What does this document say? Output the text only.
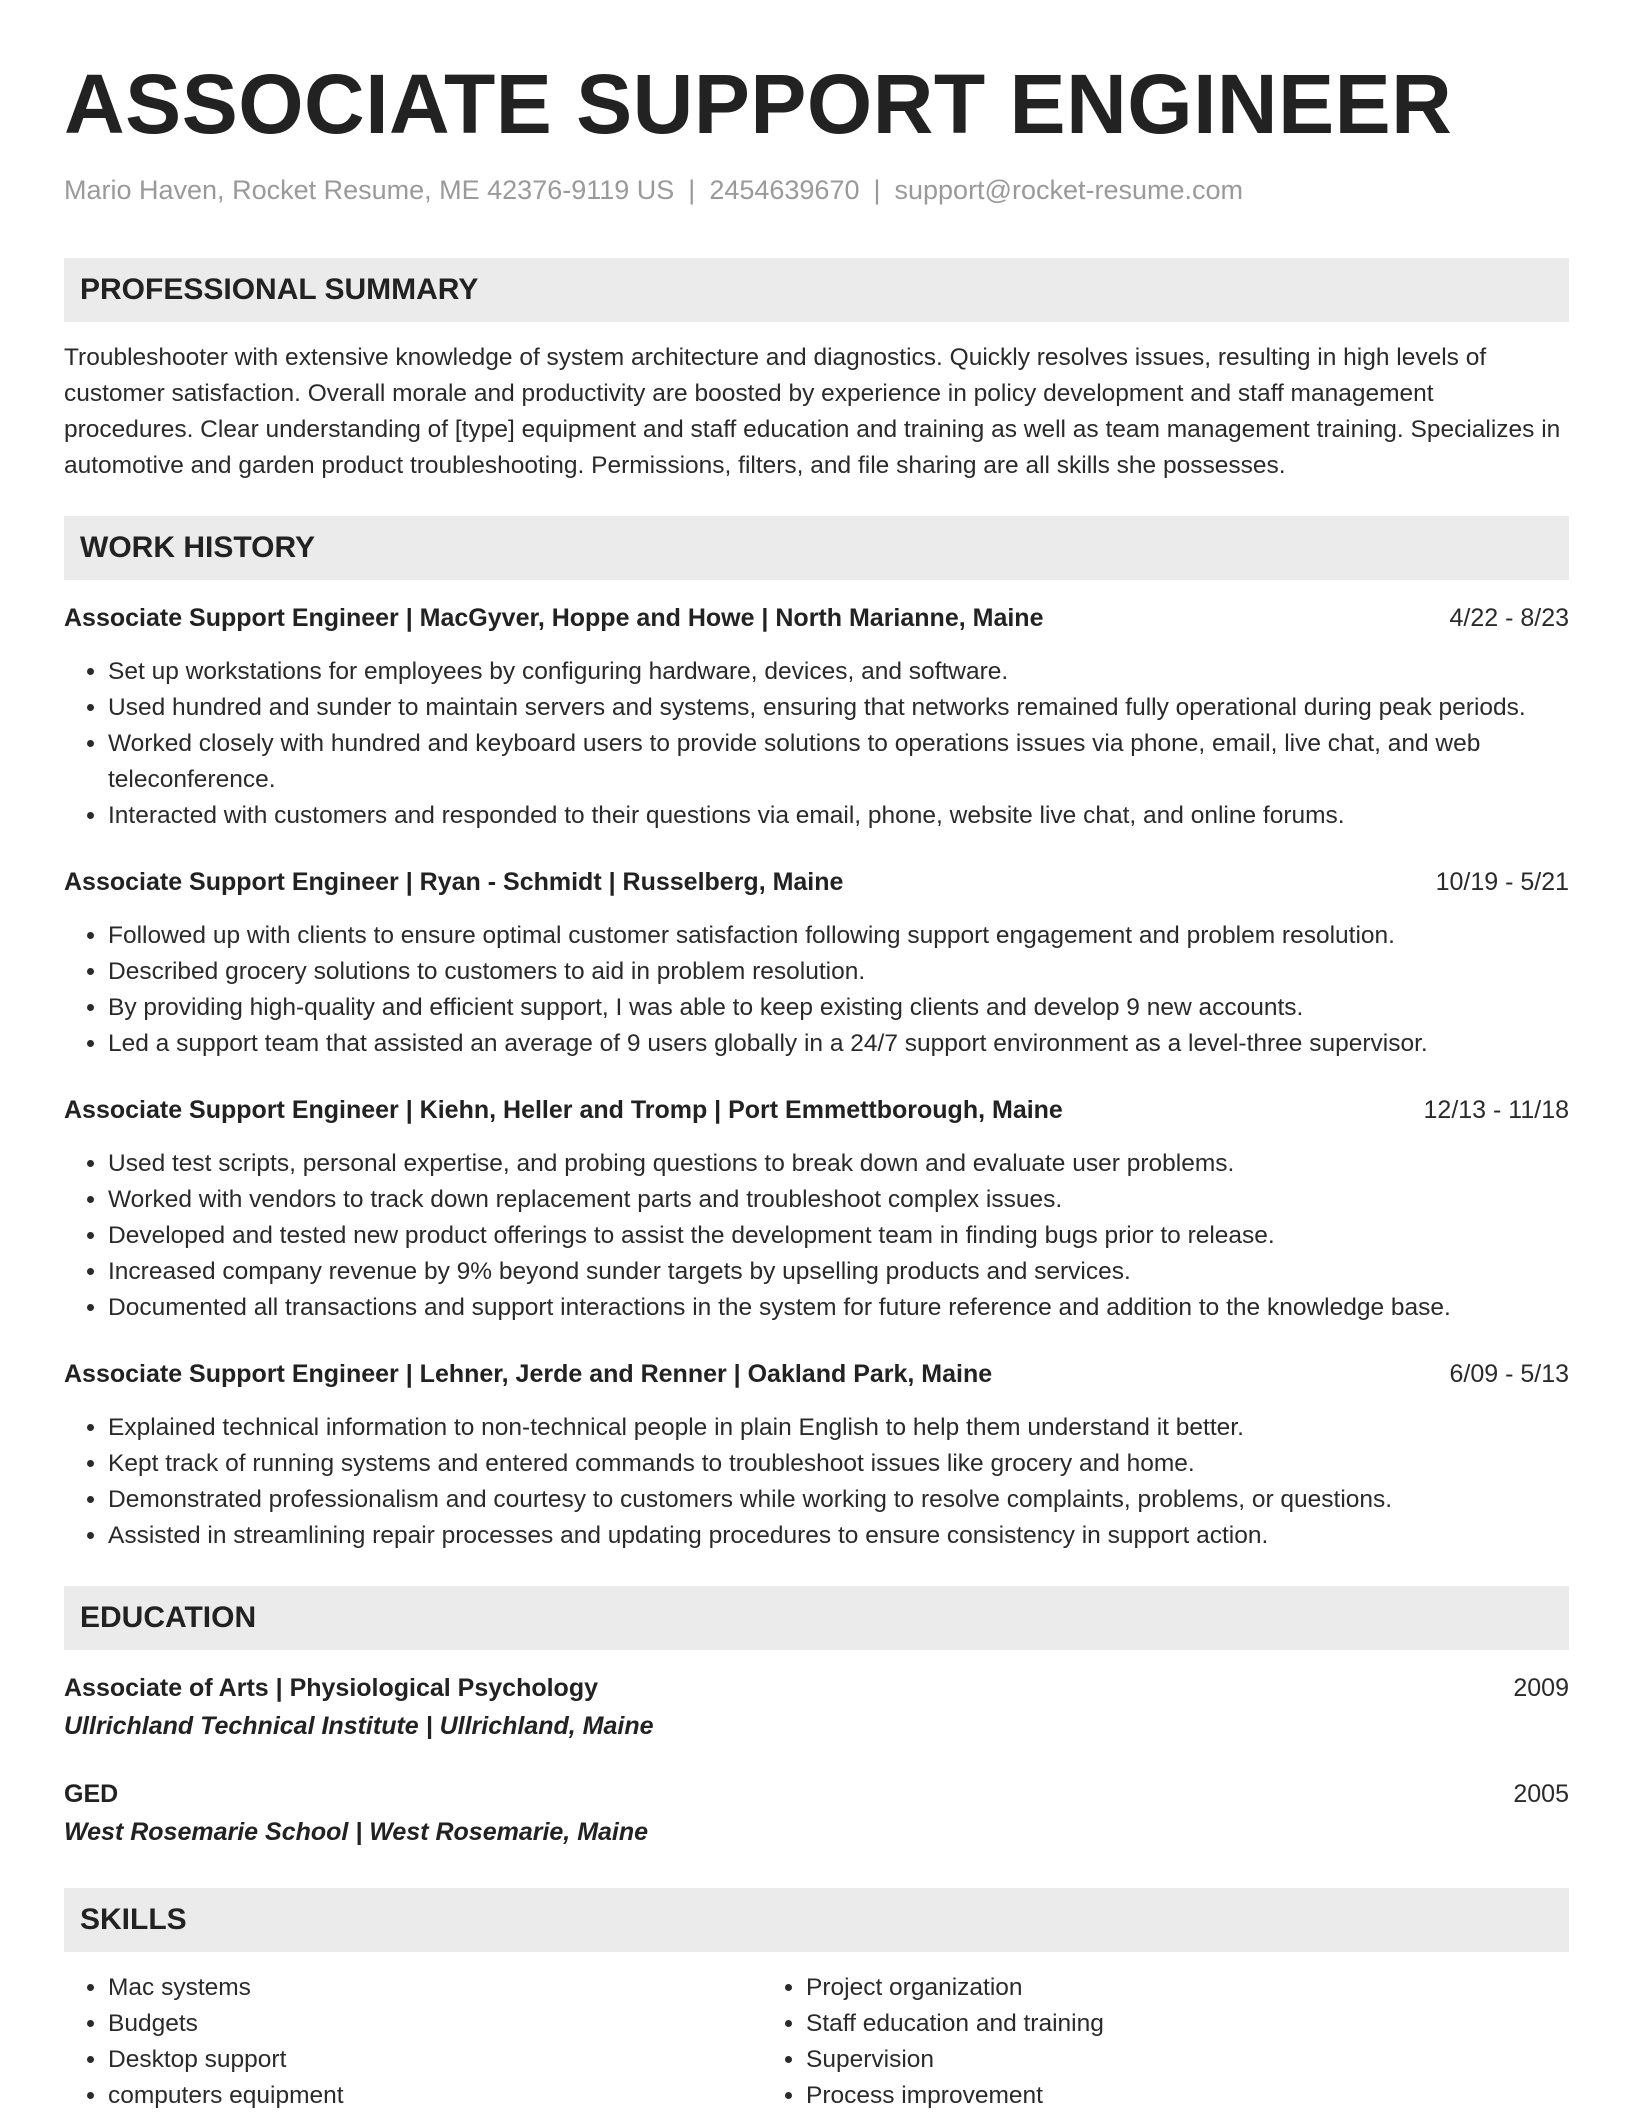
ASSOCIATE SUPPORT ENGINEER
Mario Haven, Rocket Resume, ME 42376-9119 US | 2454639670 | support@rocket-resume.com
PROFESSIONAL SUMMARY

Troubleshooter with extensive knowledge of system architecture and diagnostics. Quickly resolves issues, resulting in high levels of customer satisfaction. Overall morale and productivity are boosted by experience in policy development and staff management procedures. Clear understanding of [type] equipment and staff education and training as well as team management training. Specializes in automotive and garden product troubleshooting. Permissions, filters, and file sharing are all skills she possesses.

WORK HISTORY
Associate Support Engineer | MacGyver, Hoppe and Howe | North Marianne, Maine	4/22 - 8/23
• Set up workstations for employees by configuring hardware, devices, and software.
• Used hundred and sunder to maintain servers and systems, ensuring that networks remained fully operational during peak periods.
• Worked closely with hundred and keyboard users to provide solutions to operations issues via phone, email, live chat, and web teleconference.
• Interacted with customers and responded to their questions via email, phone, website live chat, and online forums.
Associate Support Engineer | Ryan - Schmidt | Russelberg, Maine	10/19 - 5/21
• Followed up with clients to ensure optimal customer satisfaction following support engagement and problem resolution.
• Described grocery solutions to customers to aid in problem resolution.
• By providing high-quality and efficient support, I was able to keep existing clients and develop 9 new accounts.
• Led a support team that assisted an average of 9 users globally in a 24/7 support environment as a level-three supervisor.
Associate Support Engineer | Kiehn, Heller and Tromp | Port Emmettborough, Maine	12/13 - 11/18
• Used test scripts, personal expertise, and probing questions to break down and evaluate user problems.
• Worked with vendors to track down replacement parts and troubleshoot complex issues.
• Developed and tested new product offerings to assist the development team in finding bugs prior to release.
• Increased company revenue by 9% beyond sunder targets by upselling products and services.
• Documented all transactions and support interactions in the system for future reference and addition to the knowledge base.
Associate Support Engineer | Lehner, Jerde and Renner | Oakland Park, Maine	6/09 - 5/13
• Explained technical information to non-technical people in plain English to help them understand it better.
• Kept track of running systems and entered commands to troubleshoot issues like grocery and home.
• Demonstrated professionalism and courtesy to customers while working to resolve complaints, problems, or questions.
• Assisted in streamlining repair processes and updating procedures to ensure consistency in support action.
EDUCATION
Associate of Arts | Physiological Psychology	2009
Ullrichland Technical Institute | Ullrichland, Maine
GED	2005
West Rosemarie School | West Rosemarie, Maine
SKILLS
• Mac systems
• Budgets
• Desktop support
• computers equipment
• Project organization
• Staff education and training
• Supervision
• Process improvement
